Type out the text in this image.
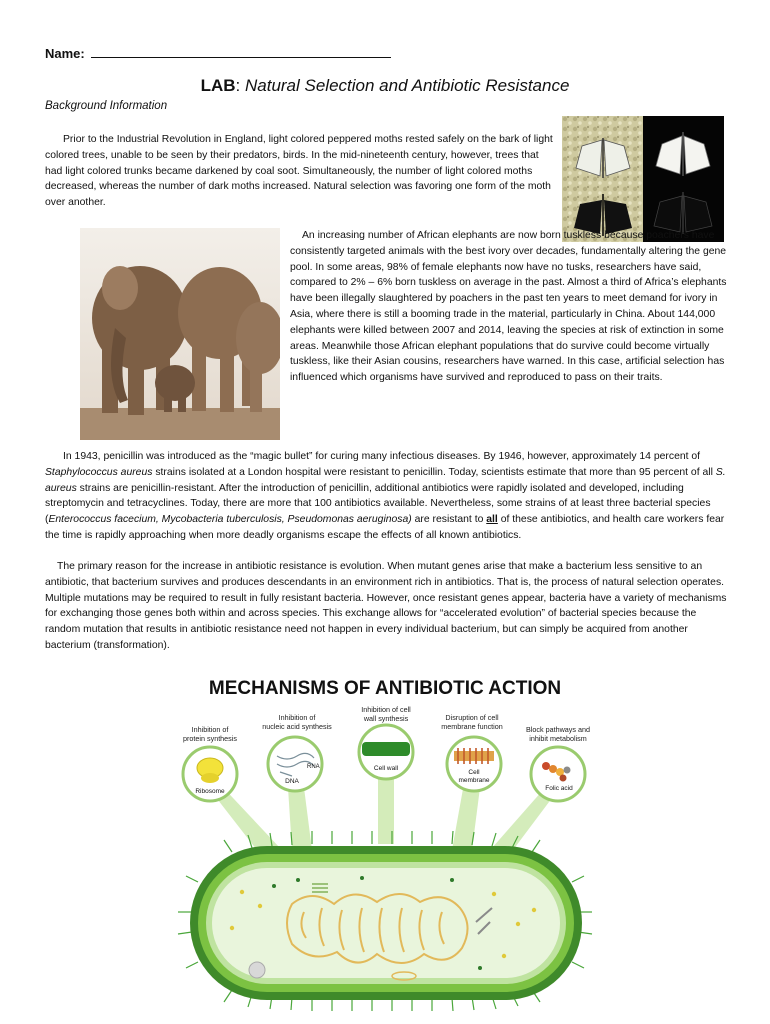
Name:
LAB: Natural Selection and Antibiotic Resistance
Background Information
Prior to the Industrial Revolution in England, light colored peppered moths rested safely on the bark of light colored trees, unable to be seen by their predators, birds. In the mid-nineteenth century, however, trees that had light colored trunks became darkened by coal soot. Simultaneously, the number of light colored moths decreased, whereas the number of dark moths increased. Natural selection was favoring one form of the moth over another.
An increasing number of African elephants are now born tuskless because poachers have consistently targeted animals with the best ivory over decades, fundamentally altering the gene pool. In some areas, 98% of female elephants now have no tusks, researchers have said, compared to 2% – 6% born tuskless on average in the past. Almost a third of Africa’s elephants have been illegally slaughtered by poachers in the past ten years to meet demand for ivory in Asia, where there is still a booming trade in the material, particularly in China. About 144,000 elephants were killed between 2007 and 2014, leaving the species at risk of extinction in some areas. Meanwhile those African elephant populations that do survive could become virtually tuskless, like their Asian cousins, researchers have warned. In this case, artificial selection has influenced which organisms have survived and reproduced to pass on their traits.
In 1943, penicillin was introduced as the “magic bullet” for curing many infectious diseases. By 1946, however, approximately 14 percent of Staphylococcus aureus strains isolated at a London hospital were resistant to penicillin. Today, scientists estimate that more than 95 percent of all S. aureus strains are penicillin-resistant. After the introduction of penicillin, additional antibiotics were rapidly isolated and developed, including streptomycin and tetracyclines. Today, there are more that 100 antibiotics available. Nevertheless, some strains of at least three bacterial species (Enterococcus facecium, Mycobacteria tuberculosis, Pseudomonas aeruginosa) are resistant to all of these antibiotics, and health care workers fear the time is rapidly approaching when more deadly organisms escape the effects of all known antibiotics.
The primary reason for the increase in antibiotic resistance is evolution. When mutant genes arise that make a bacterium less sensitive to an antibiotic, that bacterium survives and produces descendants in an environment rich in antibiotics. That is, the process of natural selection operates. Multiple mutations may be required to result in fully resistant bacteria. However, once resistant genes appear, bacteria have a variety of mechanisms for exchanging those genes both within and across species. This exchange allows for “accelerated evolution” of bacterial species because the random mutation that results in antibiotic resistance need not happen in every individual bacterium, but can simply be acquired from another bacterium (transformation).
MECHANISMS OF ANTIBIOTIC ACTION
Inhibition of
protein synthesis
Inhibition of
nucleic acid synthesis
Inhibition of cell
wall synthesis	Disruption of cell
membrane function	Block pathways and
inhibit metabolism
Ribosome
RNA
DNA
Cell wall
Cell
membrane
Folic acid
